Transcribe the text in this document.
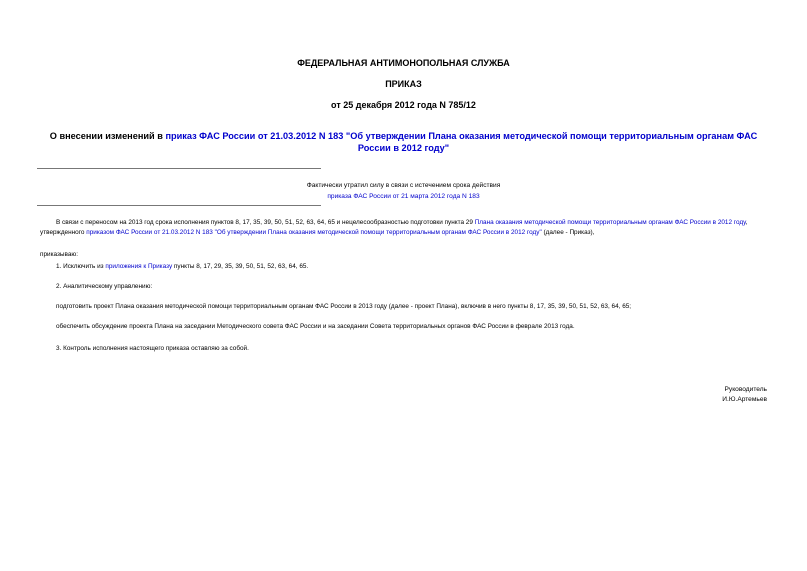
ФЕДЕРАЛЬНАЯ АНТИМОНОПОЛЬНАЯ СЛУЖБА
ПРИКАЗ
от 25 декабря 2012 года N 785/12
О внесении изменений в приказ ФАС России от 21.03.2012 N 183 "Об утверждении Плана оказания методической помощи территориальным органам ФАС России в 2012 году"
Фактически утратил силу в связи с истечением срока действия
приказа ФАС России от 21 марта 2012 года N 183
В связи с переносом на 2013 год срока исполнения пунктов 8, 17, 35, 39, 50, 51, 52, 63, 64, 65 и нецелесообразностью подготовки пункта 29 Плана оказания методической помощи территориальным органам ФАС России в 2012 году, утвержденного приказом ФАС России от 21.03.2012 N 183 "Об утверждении Плана оказания методической помощи территориальным органам ФАС России в 2012 году" (далее - Приказ),
приказываю:
1. Исключить из приложения к Приказу пункты 8, 17, 29, 35, 39, 50, 51, 52, 63, 64, 65.
2. Аналитическому управлению:
подготовить проект Плана оказания методической помощи территориальным органам ФАС России в 2013 году (далее - проект Плана), включив в него пункты 8, 17, 35, 39, 50, 51, 52, 63, 64, 65;
обеспечить обсуждение проекта Плана на заседании Методического совета ФАС России и на заседании Совета территориальных органов ФАС России в феврале 2013 года.
3. Контроль исполнения настоящего приказа оставляю за собой.
Руководитель
И.Ю.Артемьев
